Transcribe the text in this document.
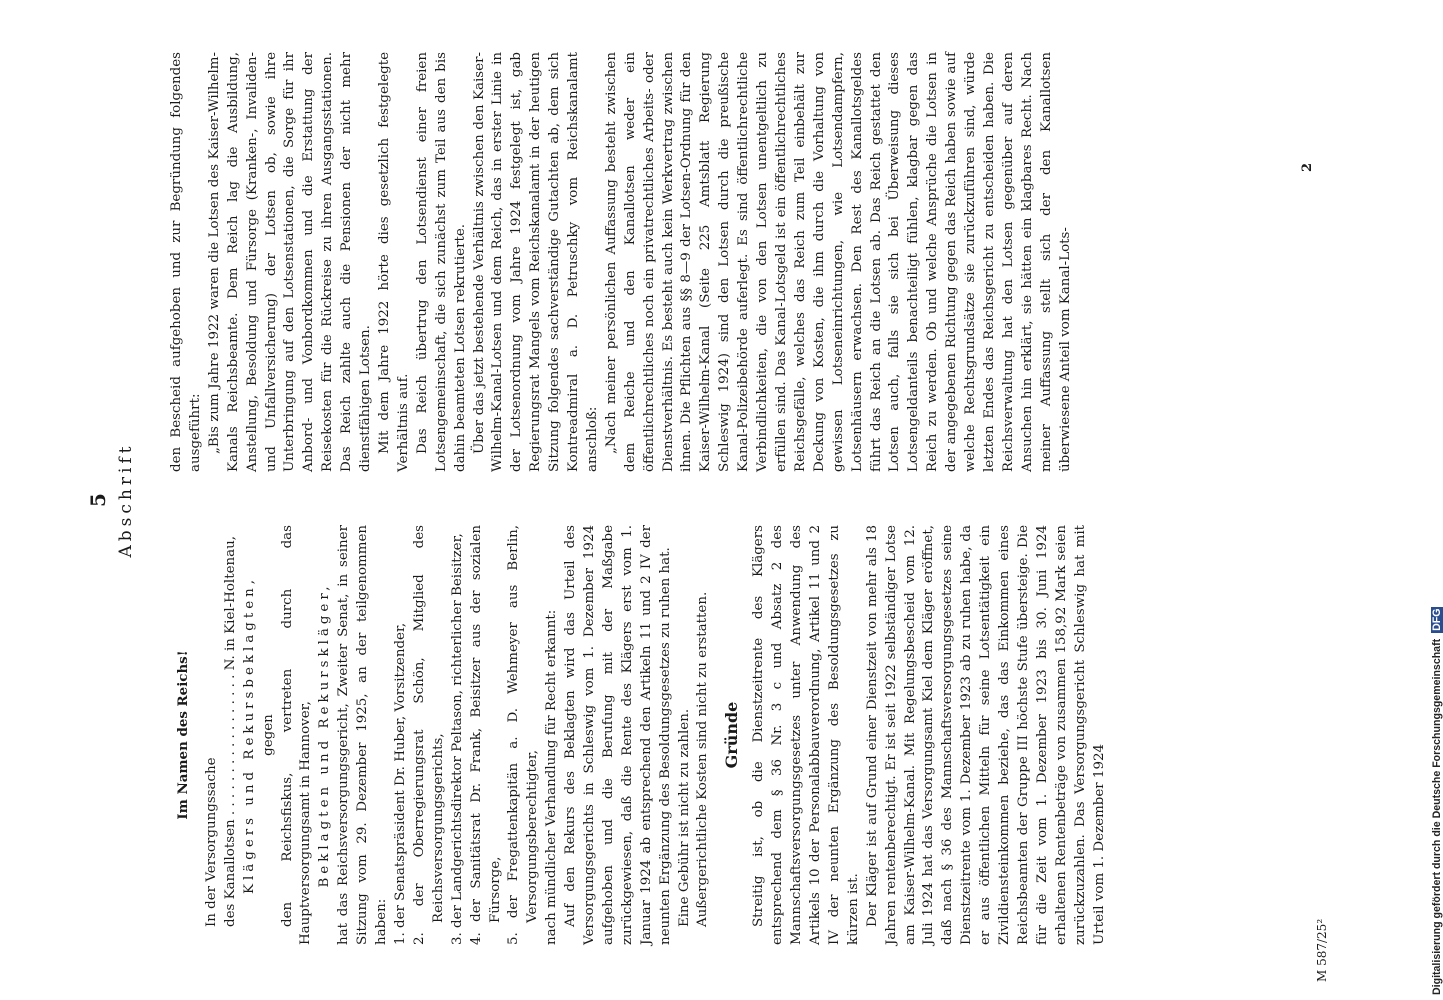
5 Abschrift
Im Namen des Reichs!

In der Versorgungssache des Kanallotsen . . . . . . . . . . . . . . . . . N. in Kiel-Holtenau, Klägers und Rekursbeklagten, gegen den Reichsfiskus, vertreten durch das Hauptversorgungsamt in Hannover, Beklagten und Rekurskläger, hat das Reichsversorgungsgericht, Zweiter Senat, in seiner Sitzung vom 29. Dezember 1925, an der teilgenommen haben: 1. der Senatspräsident Dr. Huber, Vorsitzender, 2. der Oberregierungsrat Schön, Mitglied des Reichsversorgungsgerichts, 3. der Landgerichtsdirektor Peltason, richterlicher Beisitzer, 4. der Sanitätsrat Dr. Frank, Beisitzer aus der sozialen Fürsorge, 5. der Fregattenkapitän a. D. Wehmeyer aus Berlin, Versorgungsberechtigter, nach mündlicher Verhandlung für Recht erkannt: Auf den Rekurs des Beklagten wird das Urteil des Versorgungsgerichts in Schleswig vom 1. Dezember 1924 aufgehoben und die Berufung mit der Maßgabe zurückgewiesen, daß die Rente des Klägers erst vom 1. Januar 1924 ab entsprechend den Artikeln 11 und 2 IV der neunten Ergänzung des Besoldungsgesetzes zu ruhen hat. Eine Gebühr ist nicht zu zahlen. Außergerichtliche Kosten sind nicht zu erstatten. Gründe Streitig ist, ob die Dienstzeitrente des Klägers entsprechend dem § 36 Nr. 3 c und Absatz 2 des Mannschaftsversorgungsgesetzes unter Anwendung des Artikels 10 der Personalabbauverordnung, Artikel 11 und 2 IV der neunten Ergänzung des Besoldungsgesetzes zu kürzen ist. Der Kläger ist auf Grund einer Dienstzeit von mehr als 18 Jahren rentenberechtigt. Er ist seit 1922 selbständiger Lotse am Kaiser-Wilhelm-Kanal. Mit Regelungsbescheid vom 12. Juli 1924 hat das Versorgungsamt Kiel dem Kläger eröffnet, daß nach § 36 des Mannschaftsversorgungsgesetzes seine Dienstzeitrente vom 1. Dezember 1923 ab zu ruhen habe, da er aus öffentlichen Mitteln für seine Lotsentätigkeit ein Zivildiensteinkommen beziehe, das das Einkommen eines Reichsbeamten der Gruppe III höchste Stufe übersteige. Die für die Zeit vom 1. Dezember 1923 bis 30. Juni 1924 erhaltenen Rentenbeträge von zusammen 158,92 Mark seien zurückzuzahlen. Das Versorgungsgericht Schleswig hat mit Urteil vom 1. Dezember 1924

den Bescheid aufgehoben und zur Begründung folgendes ausgeführt: „Bis zum Jahre 1922 waren die Lotsen des Kaiser-Wilhelm-Kanals Reichsbeamte. Dem Reich lag die Ausbildung, Anstellung, Besoldung und Fürsorge (Kranken-, Invaliden- und Unfallversicherung) der Lotsen ob, sowie ihre Unterbringung auf den Lotsenstationen, die Sorge für ihr Anbord- und Vonbordkommen und die Erstattung der Reisekosten für die Rückreise zu ihren Ausgangsstationen. Das Reich zahlte auch die Pensionen der nicht mehr dienstfähigen Lotsen. Mit dem Jahre 1922 hörte dies gesetzlich festgelegte Verhältnis auf. Das Reich übertrug den Lotsendienst einer freien Lotsengemeinschaft, die sich zunächst zum Teil aus den bis dahin beamteten Lotsen rekrutierte. Über das jetzt bestehende Verhältnis zwischen den Kaiser-Wilhelm-Kanal-Lotsen und dem Reich, das in erster Linie in der Lotsenordnung vom Jahre 1924 festgelegt ist, gab Regierungsrat Mangels vom Reichskanalamt in der heutigen Sitzung folgendes sachverständige Gutachten ab, dem sich Kontreadmiral a. D. Petruschky vom Reichskanalamt anschloß: „Nach meiner persönlichen Auffassung besteht zwischen dem Reiche und den Kanallotsen weder ein öffentlichrechtliches noch ein privatrechtliches Arbeits- oder Dienstverhältnis. Es besteht auch kein Werkvertrag zwischen ihnen. Die Pflichten aus §§ 8—9 der Lotsen-Ordnung für den Kaiser-Wilhelm-Kanal (Seite 225 Amtsblatt Regierung Schleswig 1924) sind den Lotsen durch die preußische Kanal-Polizeibehörde auferlegt. Es sind öffentlichrechtliche Verbindlichkeiten, die von den Lotsen unentgeltlich zu erfüllen sind. Das Kanal-Lotsgeld ist ein öffentlichrechtliches Reichsgefälle, welches das Reich zum Teil einbehält zur Deckung von Kosten, die ihm durch die Vorhaltung von gewissen Lotseneinrichtungen, wie Lotsendampfern, Lotsenhäusern erwachsen. Den Rest des Kanallotsgeldes führt das Reich an die Lotsen ab. Das Reich gestattet den Lotsen auch, falls sie sich bei Überweisung dieses Lotsengeldanteils benachteiligt fühlen, klagbar gegen das Reich zu werden. Ob und welche Ansprüche die Lotsen in der angegebenen Richtung gegen das Reich haben sowie auf welche Rechtsgrundsätze sie zurückzuführen sind, würde letzten Endes das Reichsgericht zu entscheiden haben. Die Reichsverwaltung hat den Lotsen gegenüber auf deren Ansuchen hin erklärt, sie hätten ein klagbares Recht. Nach meiner Auffassung stellt sich der den Kanallotsen überwiesene Anteil vom Kanal-Lots-

M 587/25²
2
Digitalisierung gefördert durch die Deutsche Forschungsgemeinschaft DFG
